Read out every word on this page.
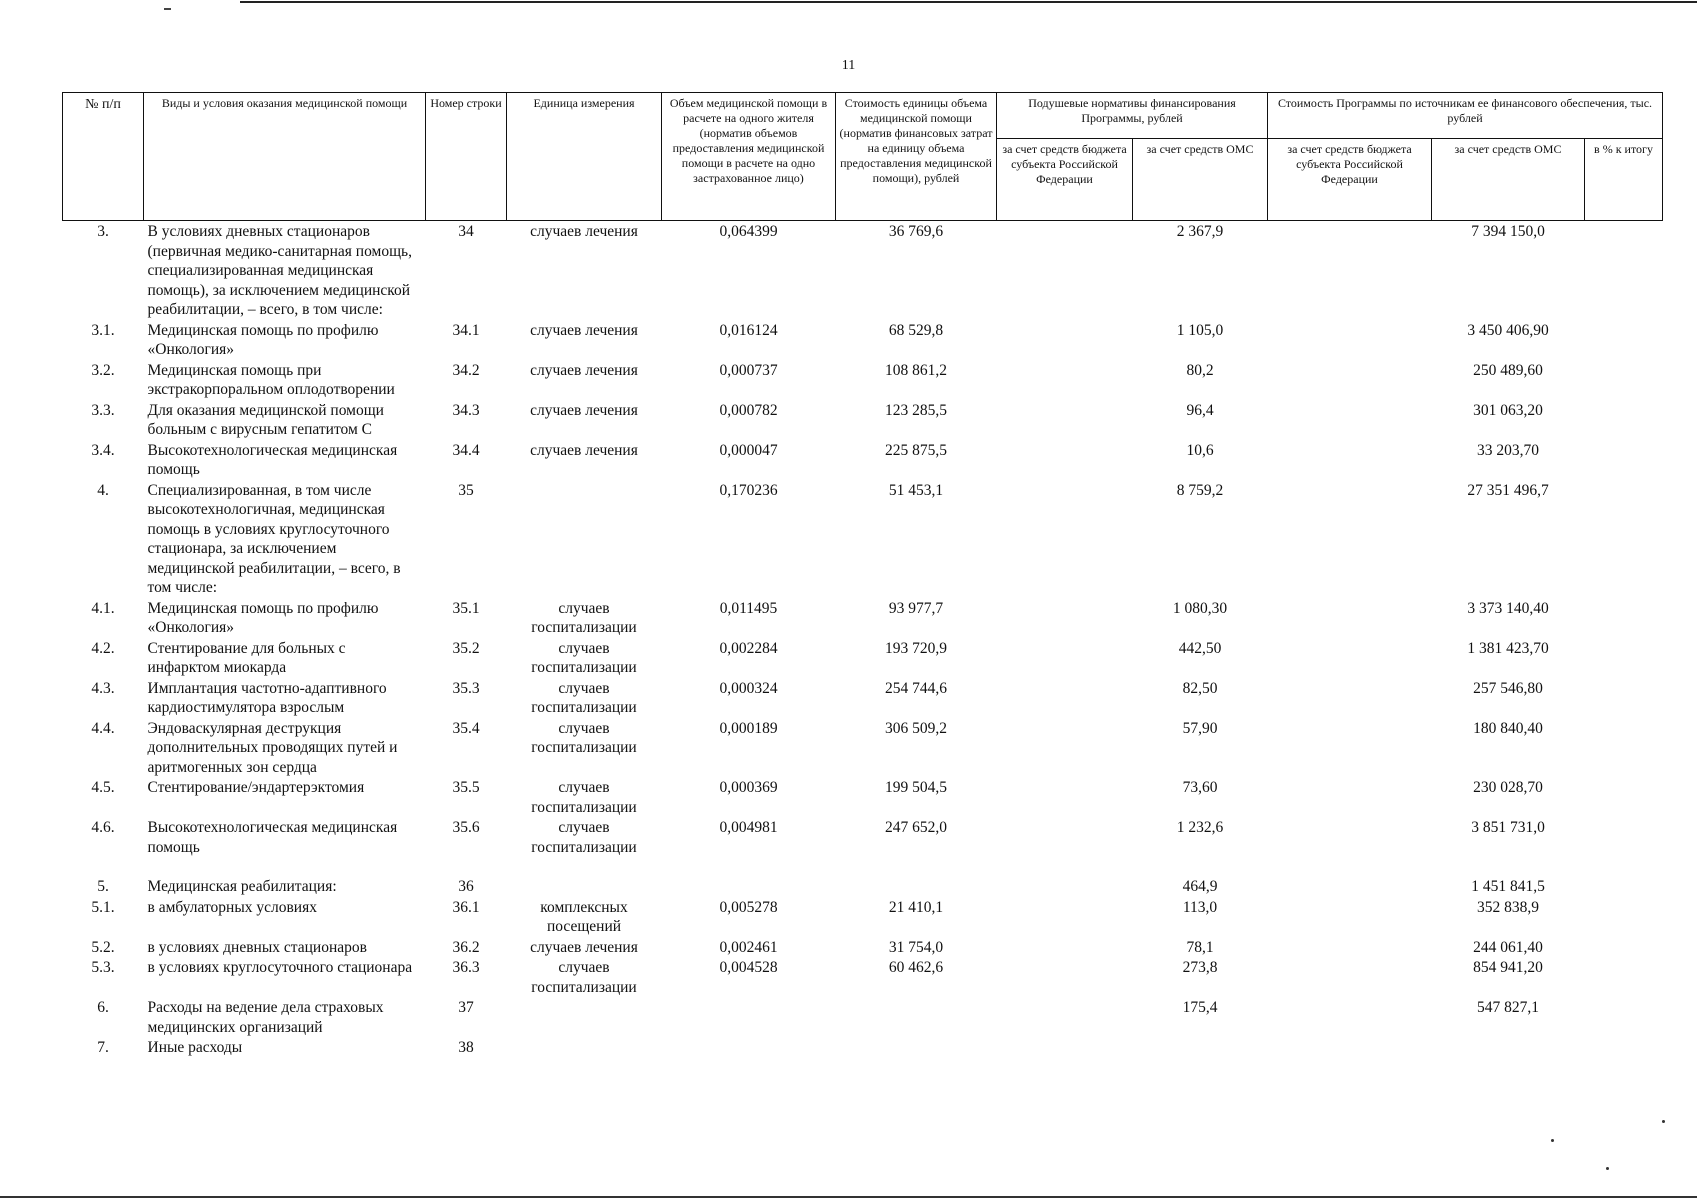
11
№ п/п	Виды и условия оказания медицинской помощи	Номер строки	Единица измерения	Объем медицинской помощи в расчете на одного жителя (норматив объемов предоставления медицинской помощи в расчете на одно застрахованное лицо)	Стоимость единицы объема медицинской помощи (норматив финансовых затрат на единицу объема предоставления медицинской помощи), рублей	Подушевые нормативы финансирования Программы, рублей		Стоимость Программы по источникам ее финансового обеспечения, тыс. рублей		
						за счет средств бюджета субъекта Российской Федерации	за счет средств ОМС	за счет средств бюджета субъекта Российской Федерации	за счет средств ОМС	в % к итогу
3.	В условиях дневных стационаров (первичная медико-санитарная помощь, специализированная медицинская помощь), за исключением медицинской реабилитации, – всего, в том числе:	34	случаев лечения	0,064399	36 769,6		2 367,9		7 394 150,0	
3.1.	Медицинская помощь по профилю «Онкология»	34.1	случаев лечения	0,016124	68 529,8		1 105,0		3 450 406,90	
3.2.	Медицинская помощь при экстракорпоральном оплодотворении	34.2	случаев лечения	0,000737	108 861,2		80,2		250 489,60	
3.3.	Для оказания медицинской помощи больным с вирусным гепатитом С	34.3	случаев лечения	0,000782	123 285,5		96,4		301 063,20	
3.4.	Высокотехнологическая медицинская помощь	34.4	случаев лечения	0,000047	225 875,5		10,6		33 203,70	
4.	Специализированная, в том числе высокотехнологичная, медицинская помощь в условиях круглосуточного стационара, за исключением медицинской реабилитации, – всего, в том числе:	35		0,170236	51 453,1		8 759,2		27 351 496,7	
4.1.	Медицинская помощь по профилю «Онкология»	35.1	случаев госпитализации	0,011495	93 977,7		1 080,30		3 373 140,40	
4.2.	Стентирование для больных с инфарктом миокарда	35.2	случаев госпитализации	0,002284	193 720,9		442,50		1 381 423,70	
4.3.	Имплантация частотно-адаптивного кардиостимулятора взрослым	35.3	случаев госпитализации	0,000324	254 744,6		82,50		257 546,80	
4.4.	Эндоваскулярная деструкция дополнительных проводящих путей и аритмогенных зон сердца	35.4	случаев госпитализации	0,000189	306 509,2		57,90		180 840,40	
4.5.	Стентирование/эндартерэктомия	35.5	случаев госпитализации	0,000369	199 504,5		73,60		230 028,70	
4.6.	Высокотехнологическая медицинская помощь	35.6	случаев госпитализации	0,004981	247 652,0		1 232,6		3 851 731,0	
5.	Медицинская реабилитация:	36					464,9		1 451 841,5	
5.1.	в амбулаторных условиях	36.1	комплексных посещений	0,005278	21 410,1		113,0		352 838,9	
5.2.	в условиях дневных стационаров	36.2	случаев лечения	0,002461	31 754,0		78,1		244 061,40	
5.3.	в условиях круглосуточного стационара	36.3	случаев госпитализации	0,004528	60 462,6		273,8		854 941,20	
6.	Расходы на ведение дела страховых медицинских организаций	37					175,4		547 827,1	
7.	Иные расходы	38								
